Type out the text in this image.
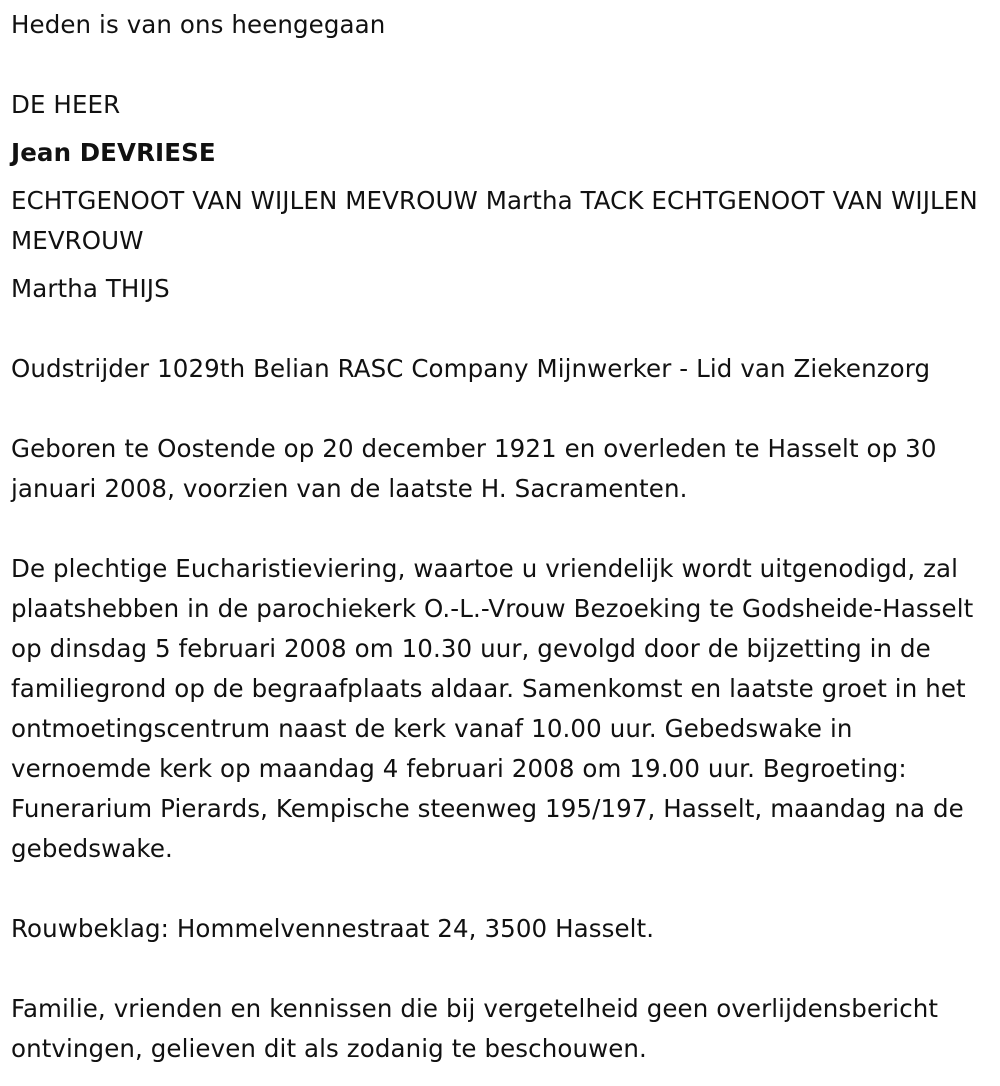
Heden is van ons heengegaan

DE HEER

Jean DEVRIESE

ECHTGENOOT VAN WIJLEN MEVROUW Martha TACK ECHTGENOOT VAN WIJLEN MEVROUW

Martha THIJS

Oudstrijder 1029th Belian RASC Company Mijnwerker - Lid van Ziekenzorg

Geboren te Oostende op 20 december 1921 en overleden te Hasselt op 30 januari 2008, voorzien van de laatste H. Sacramenten.

De plechtige Eucharistieviering, waartoe u vriendelijk wordt uitgenodigd, zal plaatshebben in de parochiekerk O.-L.-Vrouw Bezoeking te Godsheide-Hasselt op dinsdag 5 februari 2008 om 10.30 uur, gevolgd door de bijzetting in de familiegrond op de begraafplaats aldaar. Samenkomst en laatste groet in het ontmoetingscentrum naast de kerk vanaf 10.00 uur. Gebedswake in vernoemde kerk op maandag 4 februari 2008 om 19.00 uur. Begroeting: Funerarium Pierards, Kempische steenweg 195/197, Hasselt, maandag na de gebedswake.

Rouwbeklag: Hommelvennestraat 24, 3500 Hasselt.

Familie, vrienden en kennissen die bij vergetelheid geen overlijdensbericht ontvingen, gelieven dit als zodanig te beschouwen.
